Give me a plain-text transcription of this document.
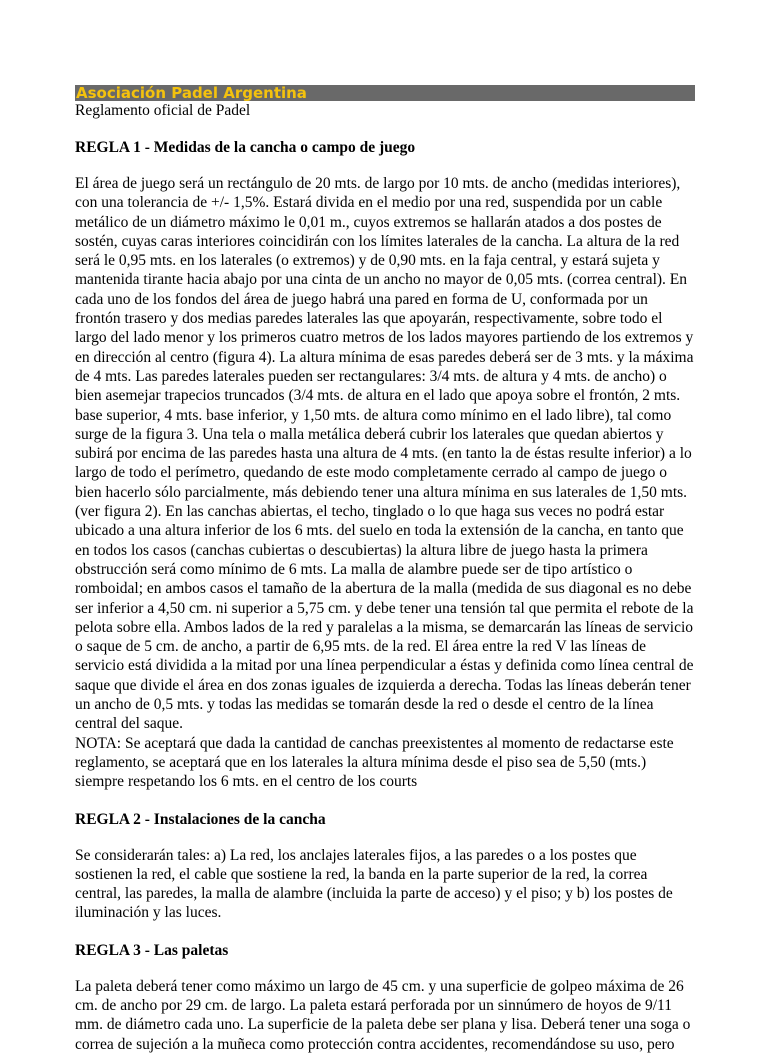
Asociación Padel Argentina
Reglamento oficial de Padel
REGLA 1 - Medidas de la cancha o campo de juego

El área de juego será un rectángulo de 20 mts. de largo por 10 mts. de ancho (medidas interiores), con una tolerancia de +/- 1,5%. Estará divida en el medio por una red, suspendida por un cable metálico de un diámetro máximo le 0,01 m., cuyos extremos se hallarán atados a dos postes de sostén, cuyas caras interiores coincidirán con los límites laterales de la cancha. La altura de la red será le 0,95 mts. en los laterales (o extremos) y de 0,90 mts. en la faja central, y estará sujeta y mantenida tirante hacia abajo por una cinta de un ancho no mayor de 0,05 mts. (correa central). En cada uno de los fondos del área de juego habrá una pared en forma de U, conformada por un frontón trasero y dos medias paredes laterales las que apoyarán, respectivamente, sobre todo el largo del lado menor y los primeros cuatro metros de los lados mayores partiendo de los extremos y en dirección al centro (figura 4). La altura mínima de esas paredes deberá ser de 3 mts. y la máxima de 4 mts. Las paredes laterales pueden ser rectangulares: 3/4 mts. de altura y 4 mts. de ancho) o bien asemejar trapecios truncados (3/4 mts. de altura en el lado que apoya sobre el frontón, 2 mts. base superior, 4 mts. base inferior, y 1,50 mts. de altura como mínimo en el lado libre), tal como surge de la figura 3. Una tela o malla metálica deberá cubrir los laterales que quedan abiertos y subirá por encima de las paredes hasta una altura de 4 mts. (en tanto la de éstas resulte inferior) a lo largo de todo el perímetro, quedando de este modo completamente cerrado al campo de juego o bien hacerlo sólo parcialmente, más debiendo tener una altura mínima en sus laterales de 1,50 mts. (ver figura 2). En las canchas abiertas, el techo, tinglado o lo que haga sus veces no podrá estar ubicado a una altura inferior de los 6 mts. del suelo en toda la extensión de la cancha, en tanto que en todos los casos (canchas cubiertas o descubiertas) la altura libre de juego hasta la primera obstrucción será como mínimo de 6 mts. La malla de alambre puede ser de tipo artístico o romboidal; en ambos casos el tamaño de la abertura de la malla (medida de sus diagonal es no debe ser inferior a 4,50 cm. ni superior a 5,75 cm. y debe tener una tensión tal que permita el rebote de la pelota sobre ella. Ambos lados de la red y paralelas a la misma, se demarcarán las líneas de servicio o saque de 5 cm. de ancho, a partir de 6,95 mts. de la red. El área entre la red V las líneas de servicio está dividida a la mitad por una línea perpendicular a éstas y definida como línea central de saque que divide el área en dos zonas iguales de izquierda a derecha. Todas las líneas deberán tener un ancho de 0,5 mts. y todas las medidas se tomarán desde la red o desde el centro de la línea central del saque.

NOTA: Se aceptará que dada la cantidad de canchas preexistentes al momento de redactarse este reglamento, se aceptará que en los laterales la altura mínima desde el piso sea de 5,50 (mts.) siempre respetando los 6 mts. en el centro de los courts

REGLA 2 - Instalaciones de la cancha

Se considerarán tales: a) La red, los anclajes laterales fijos, a las paredes o a los postes que sostienen la red, el cable que sostiene la red, la banda en la parte superior de la red, la correa central, las paredes, la malla de alambre (incluida la parte de acceso) y el piso; y b) los postes de iluminación y las luces.

REGLA 3 - Las paletas

La paleta deberá tener como máximo un largo de 45 cm. y una superficie de golpeo máxima de 26 cm. de ancho por 29 cm. de largo. La paleta estará perforada por un sinnúmero de hoyos de 9/11 mm. de diámetro cada uno. La superficie de la paleta debe ser plana y lisa. Deberá tener una soga o correa de sujeción a la muñeca como protección contra accidentes, recomendándose su uso, pero
